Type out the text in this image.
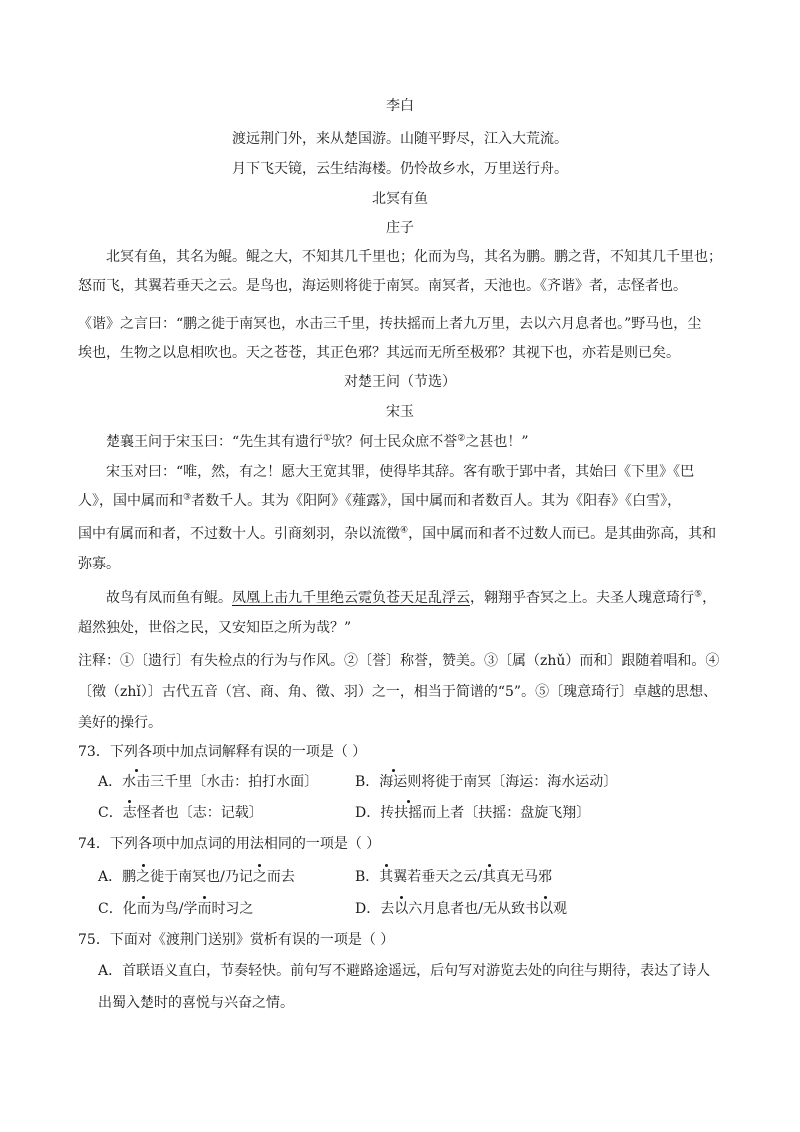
李白
渡远荆门外，来从楚国游。山随平野尽，江入大荒流。
月下飞天镜，云生结海楼。仍怜故乡水，万里送行舟。
北冥有鱼
庄子
北冥有鱼，其名为鲲。鲲之大，不知其几千里也；化而为鸟，其名为鹏。鹏之背，不知其几千里也；
怒而飞，其翼若垂天之云。是鸟也，海运则将徙于南冥。南冥者，天池也。《齐谐》者，志怪者也。
《谐》之言曰：“鹏之徙于南冥也，水击三千里，抟扶摇而上者九万里，去以六月息者也。”野马也，尘
埃也，生物之以息相吹也。天之苍苍，其正色邪？其远而无所至极邪？其视下也，亦若是则已矣。
对楚王问（节选）
宋玉
楚襄王问于宋玉曰：“先生其有遗行①欤？何士民众庶不誉②之甚也！”
宋玉对曰：“唯，然，有之！愿大王宽其罪，使得毕其辞。客有歌于郢中者，其始曰《下里》《巴
人》，国中属而和③者数千人。其为《阳阿》《薤露》，国中属而和者数百人。其为《阳春》《白雪》，
国中有属而和者，不过数十人。引商刻羽，杂以流徵④，国中属而和者不过数人而已。是其曲弥高，其和
弥寡。
故鸟有凤而鱼有鲲。凤凰上击九千里绝云霓负苍天足乱浮云，翱翔乎杳冥之上。夫圣人瑰意琦行⑤，
超然独处，世俗之民，又安知臣之所为哉？”
注释：①〔遗行〕有失检点的行为与作风。②〔誉〕称誉，赞美。③〔属（zhǔ）而和〕跟随着唱和。④
〔徵（zhǐ）〕古代五音（宫、商、角、徵、羽）之一，相当于简谱的“5”。⑤〔瑰意琦行〕卓越的思想、
美好的操行。
73．下列各项中加点词解释有误的一项是（ ）
A．水击三千里〔水击：拍打水面〕	B．海运则将徙于南冥〔海运：海水运动〕
C．志怪者也〔志：记载〕	D．抟扶摇而上者〔扶摇：盘旋飞翔〕
74．下列各项中加点词的用法相同的一项是（ ）
A．鹏之徙于南冥也/乃记之而去	B．其翼若垂天之云/其真无马邪
C．化而为鸟/学而时习之	D．去以六月息者也/无从致书以观
75．下面对《渡荆门送别》赏析有误的一项是（ ）
A．首联语义直白，节奏轻快。前句写不避路途遥远，后句写对游览去处的向往与期待，表达了诗人
出蜀入楚时的喜悦与兴奋之情。
